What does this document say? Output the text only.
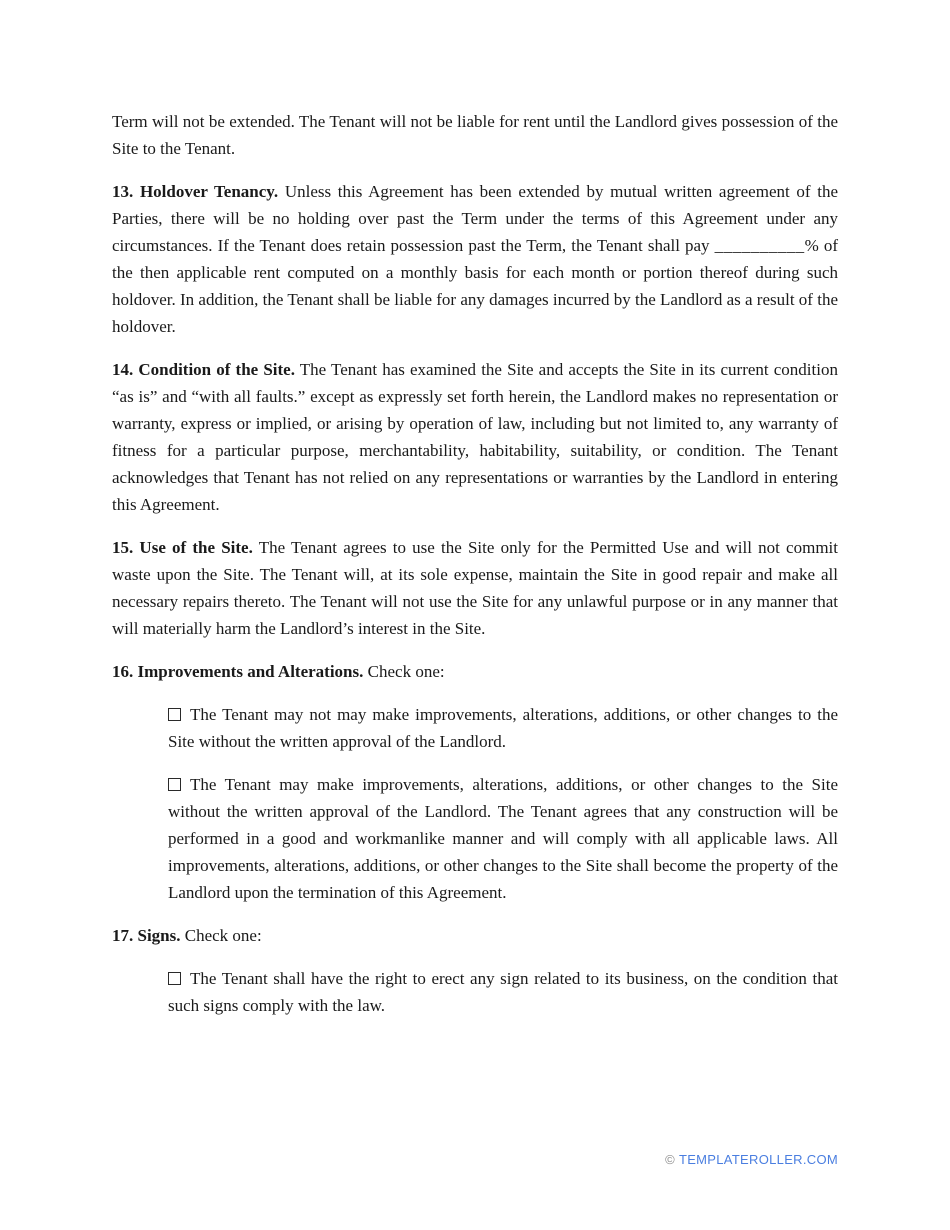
Term will not be extended. The Tenant will not be liable for rent until the Landlord gives possession of the Site to the Tenant.

13. Holdover Tenancy. Unless this Agreement has been extended by mutual written agreement of the Parties, there will be no holding over past the Term under the terms of this Agreement under any circumstances. If the Tenant does retain possession past the Term, the Tenant shall pay __________% of the then applicable rent computed on a monthly basis for each month or portion thereof during such holdover. In addition, the Tenant shall be liable for any damages incurred by the Landlord as a result of the holdover.

14. Condition of the Site. The Tenant has examined the Site and accepts the Site in its current condition “as is” and “with all faults.” except as expressly set forth herein, the Landlord makes no representation or warranty, express or implied, or arising by operation of law, including but not limited to, any warranty of fitness for a particular purpose, merchantability, habitability, suitability, or condition. The Tenant acknowledges that Tenant has not relied on any representations or warranties by the Landlord in entering this Agreement.

15. Use of the Site. The Tenant agrees to use the Site only for the Permitted Use and will not commit waste upon the Site. The Tenant will, at its sole expense, maintain the Site in good repair and make all necessary repairs thereto. The Tenant will not use the Site for any unlawful purpose or in any manner that will materially harm the Landlord’s interest in the Site.

16. Improvements and Alterations. Check one:

The Tenant may not may make improvements, alterations, additions, or other changes to the Site without the written approval of the Landlord.

The Tenant may make improvements, alterations, additions, or other changes to the Site without the written approval of the Landlord. The Tenant agrees that any construction will be performed in a good and workmanlike manner and will comply with all applicable laws. All improvements, alterations, additions, or other changes to the Site shall become the property of the Landlord upon the termination of this Agreement.

17. Signs. Check one:

The Tenant shall have the right to erect any sign related to its business, on the condition that such signs comply with the law.

© TEMPLATEROLLER.COM
